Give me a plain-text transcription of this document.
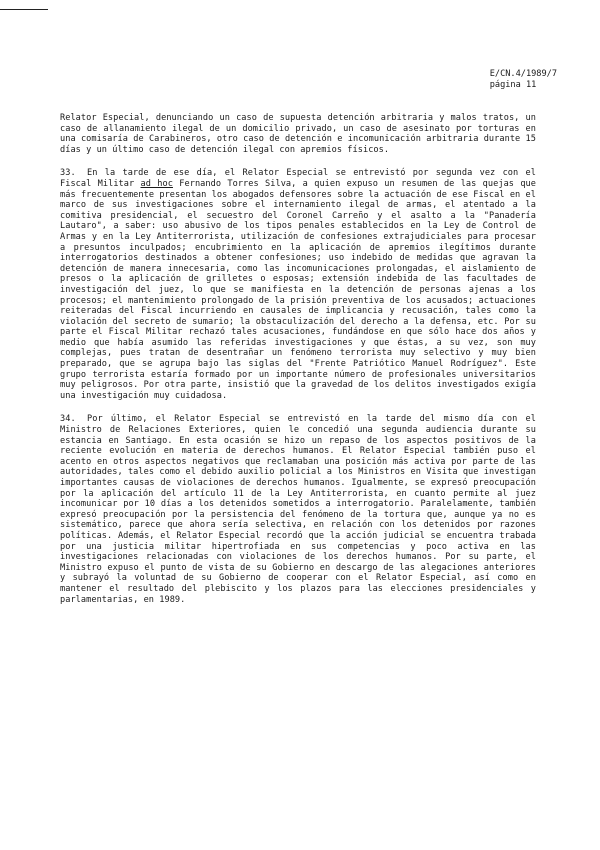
E/CN.4/1989/7
página 11

Relator Especial, denunciando un caso de supuesta detención arbitraria y malos tratos, un caso de allanamiento ilegal de un domicilio privado, un caso de asesinato por torturas en una comisaría de Carabineros, otro caso de detención e incomunicación arbitraria durante 15 días y un último caso de detención ilegal con apremios físicos.

33. En la tarde de ese día, el Relator Especial se entrevistó por segunda vez con el Fiscal Militar ad hoc Fernando Torres Silva, a quien expuso un resumen de las quejas que más frecuentemente presentan los abogados defensores sobre la actuación de ese Fiscal en el marco de sus investigaciones sobre el internamiento ilegal de armas, el atentado a la comitiva presidencial, el secuestro del Coronel Carreño y el asalto a la "Panadería Lautaro", a saber: uso abusivo de los tipos penales establecidos en la Ley de Control de Armas y en la Ley Antiterrorista, utilización de confesiones extrajudiciales para procesar a presuntos inculpados; encubrimiento en la aplicación de apremios ilegítimos durante interrogatorios destinados a obtener confesiones; uso indebido de medidas que agravan la detención de manera innecesaria, como las incomunicaciones prolongadas, el aislamiento de presos o la aplicación de grilletes o esposas; extensión indebida de las facultades de investigación del juez, lo que se manifiesta en la detención de personas ajenas a los procesos; el mantenimiento prolongado de la prisión preventiva de los acusados; actuaciones reiteradas del Fiscal incurriendo en causales de implicancia y recusación, tales como la violación del secreto de sumario; la obstaculización del derecho a la defensa, etc. Por su parte el Fiscal Militar rechazó tales acusaciones, fundándose en que sólo hace dos años y medio que había asumido las referidas investigaciones y que éstas, a su vez, son muy complejas, pues tratan de desentrañar un fenómeno terrorista muy selectivo y muy bien preparado, que se agrupa bajo las siglas del "Frente Patriótico Manuel Rodríguez". Este grupo terrorista estaría formado por un importante número de profesionales universitarios muy peligrosos. Por otra parte, insistió que la gravedad de los delitos investigados exigía una investigación muy cuidadosa.

34. Por último, el Relator Especial se entrevistó en la tarde del mismo día con el Ministro de Relaciones Exteriores, quien le concedió una segunda audiencia durante su estancia en Santiago. En esta ocasión se hizo un repaso de los aspectos positivos de la reciente evolución en materia de derechos humanos. El Relator Especial también puso el acento en otros aspectos negativos que reclamaban una posición más activa por parte de las autoridades, tales como el debido auxilio policial a los Ministros en Visita que investigan importantes causas de violaciones de derechos humanos. Igualmente, se expresó preocupación por la aplicación del artículo 11 de la Ley Antiterrorista, en cuanto permite al juez incomunicar por 10 días a los detenidos sometidos a interrogatorio. Paralelamente, también expresó preocupación por la persistencia del fenómeno de la tortura que, aunque ya no es sistemático, parece que ahora sería selectiva, en relación con los detenidos por razones políticas. Además, el Relator Especial recordó que la acción judicial se encuentra trabada por una justicia militar hipertrofiada en sus competencias y poco activa en las investigaciones relacionadas con violaciones de los derechos humanos. Por su parte, el Ministro expuso el punto de vista de su Gobierno en descargo de las alegaciones anteriores y subrayó la voluntad de su Gobierno de cooperar con el Relator Especial, así como en mantener el resultado del plebiscito y los plazos para las elecciones presidenciales y parlamentarias, en 1989.
